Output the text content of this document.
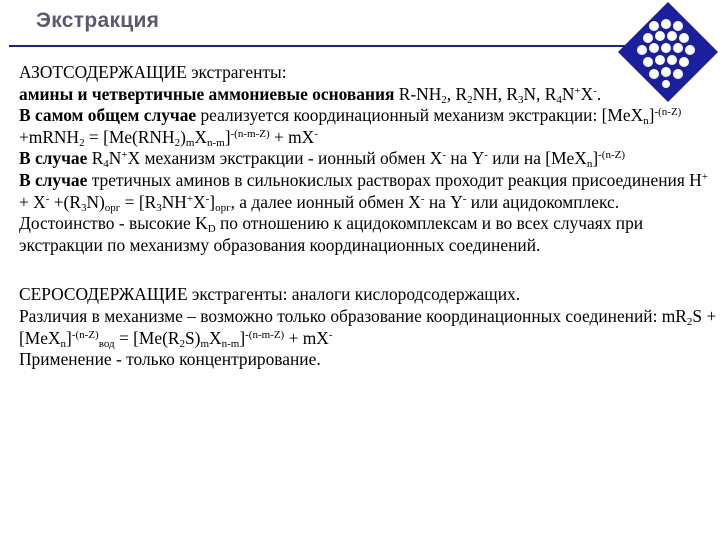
Экстракция

АЗОТСОДЕРЖАЩИЕ экстрагенты:

амины и четвертичные аммониевые основания $R-NH_2$, $R_2NH$, $R_3N$, $R_4N^+X^-$.

В самом общем случае реализуется координационный механизм экстракции: $[MeX_n]^{-(n-Z)}$ +mRNH$_2$ = $[Me(RNH_2)_mX_{n-m}]^{-(n-m-Z)} + mX^-$

В случае $R_4N^+X$ механизм экстракции - ионный обмен X- на Y- или на $[MeX_n]^{-(n-Z)}$

В случае третичных аминов в сильнокислых растворах проходит реакция присоединения $H^+ + X^- +(R_3N)_{орг} = [R_3NH^+X^-]_{орг}$, а далее ионный обмен X- на Y- или ацидокомплекс.

Достоинство - высокие $K_D$ по отношению к ацидокомплексам и во всех случаях при экстракции по механизму образования координационных соединений.

СЕРОСОДЕРЖАЩИЕ экстрагенты: аналоги кислородсодержащих.

Различия в механизме – возможно только образование координационных соединений: $mR_2S + [MeX_n]^{-(n-Z)}_{вод} = [Me(R_2S)_mX_{n-m}]^{-(n-m-Z)} + mX^-$

Применение - только концентрирование.
